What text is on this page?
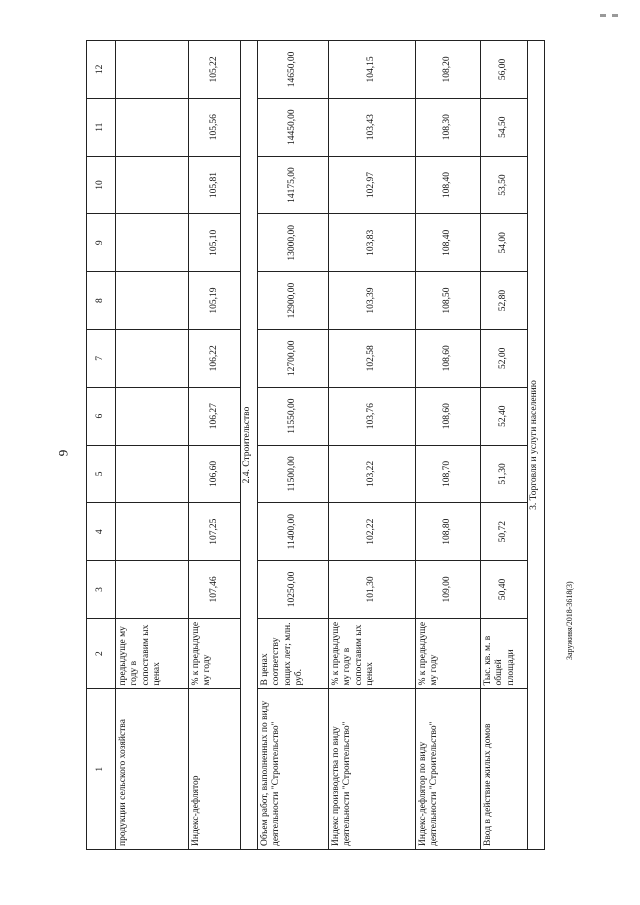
9
Заруживя/2018-3618(3)
1	2	3	4	5	6	7	8	9	10	11	12
продукции сельского хозяйства	предыдуще му году в сопоставим ых ценах										
Индекс-дефлятор	% к предыдуще му году	107,46	107,25	106,60	106,27	106,22	105,19	105,10	105,81	105,56	105,22
2.4. Строительство											
Объем работ, выполненных по виду деятельности "Строительство"	В ценах соответству ющих лет; млн. руб.	10250,00	11400,00	11500,00	11550,00	12700,00	12900,00	13000,00	14175,00	14450,00	14650,00
Индекс производства по виду деятельности "Строительство"	% к предыдуще му году в сопоставим ых ценах	101,30	102,22	103,22	103,76	102,58	103,39	103,83	102,97	103,43	104,15
Индекс-дефлятор по виду деятельности "Строительство"	% к предыдуще му году	109,00	108,80	108,70	108,60	108,60	108,50	108,40	108,40	108,30	108,20
Ввод в действие жилых домов	Тыс. кв. м. в общей площади	50,40	50,72	51,30	52,40	52,00	52,80	54,00	53,50	54,50	56,00
3. Торговля и услуги населению											
